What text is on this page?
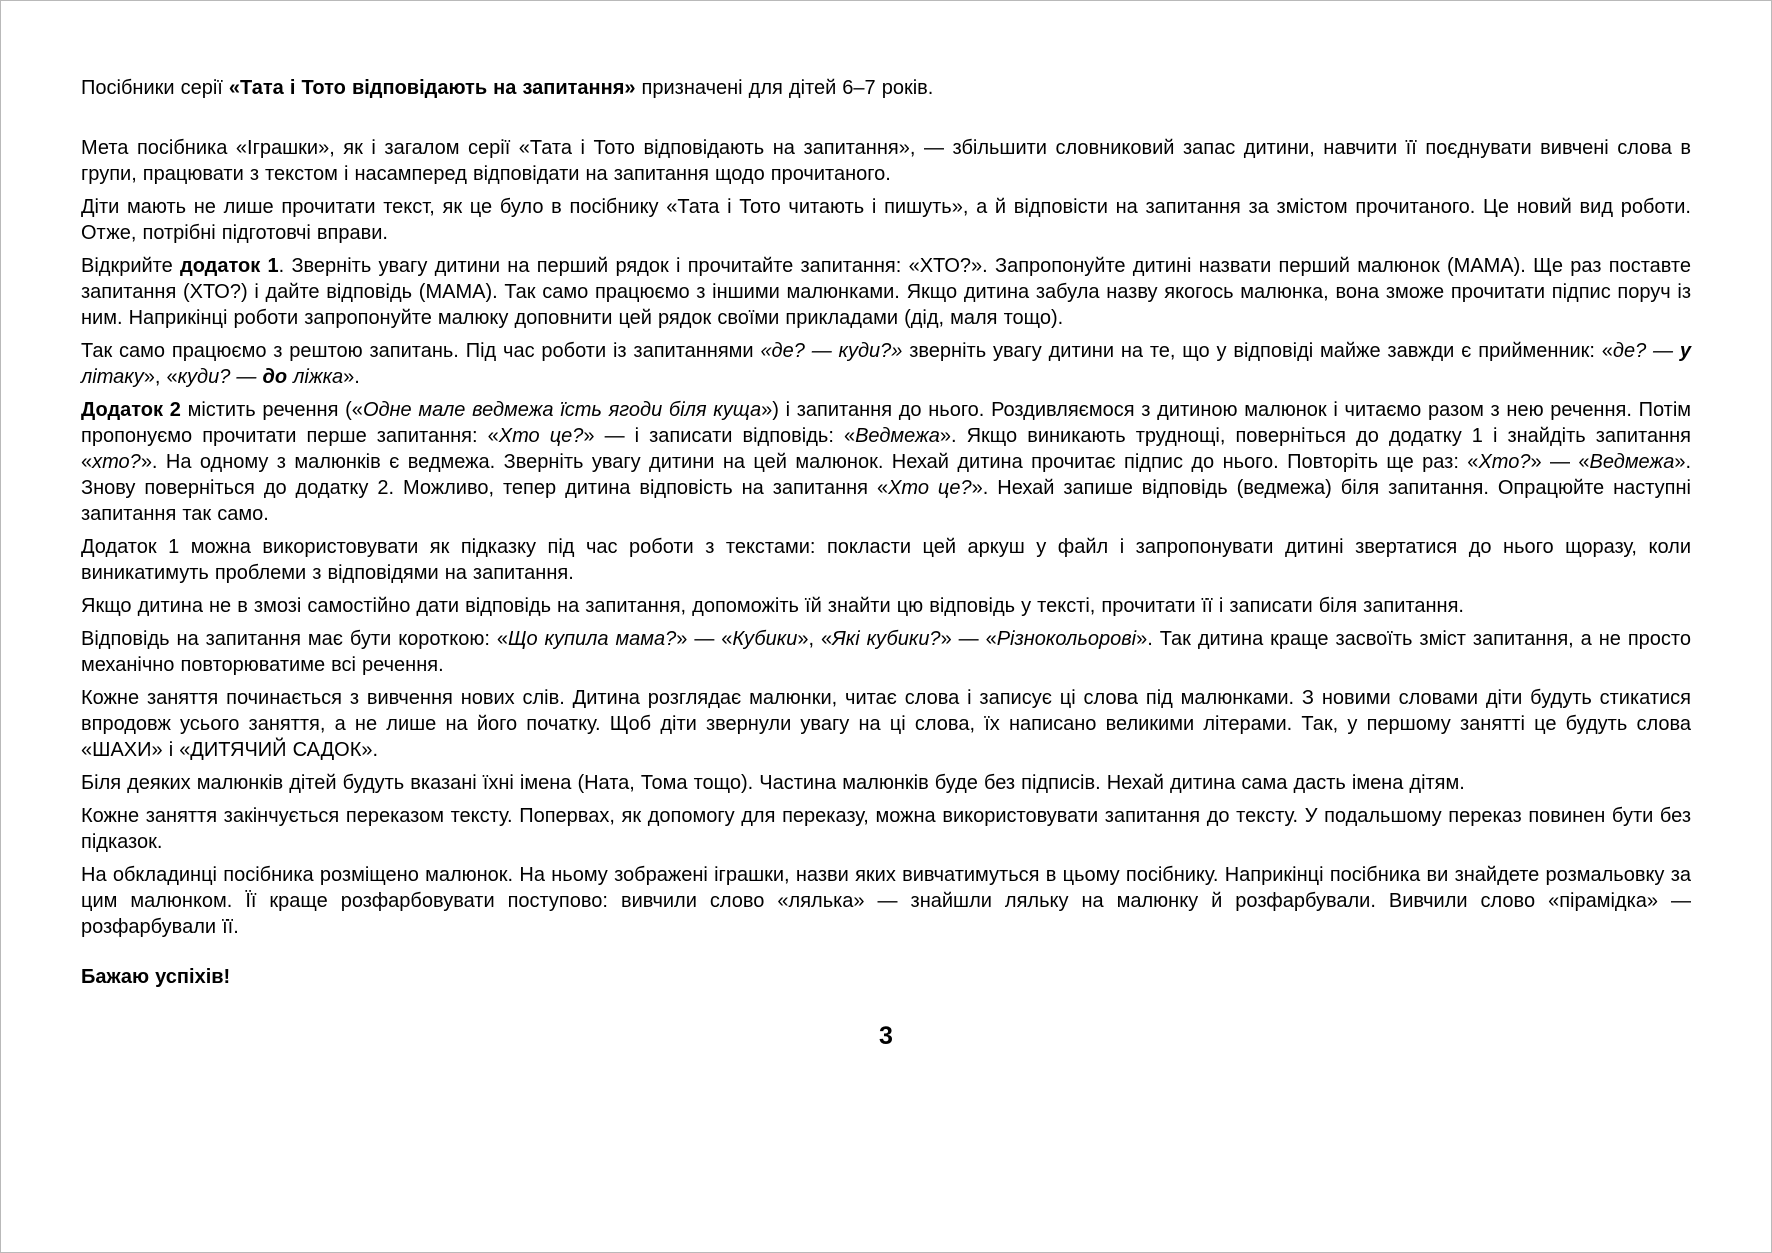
Посібники серії «Тата і Тото відповідають на запитання» призначені для дітей 6–7 років.

Мета посібника «Іграшки», як і загалом серії «Тата і Тото відповідають на запитання», — збільшити словниковий запас дитини, навчити її поєднувати вивчені слова в групи, працювати з текстом і насамперед відповідати на запитання щодо прочитаного.

Діти мають не лише прочитати текст, як це було в посібнику «Тата і Тото читають і пишуть», а й відповісти на запитання за змістом прочитаного. Це новий вид роботи. Отже, потрібні підготовчі вправи.

Відкрийте додаток 1. Зверніть увагу дитини на перший рядок і прочитайте запитання: «ХТО?». Запропонуйте дитині назвати перший малюнок (МАМА). Ще раз поставте запитання (ХТО?) і дайте відповідь (МАМА). Так само працюємо з іншими малюнками. Якщо дитина забула назву якогось малюнка, вона зможе прочитати підпис поруч із ним. Наприкінці роботи запропонуйте малюку доповнити цей рядок своїми прикладами (дід, маля тощо).

Так само працюємо з рештою запитань. Під час роботи із запитаннями «де? — куди?» зверніть увагу дитини на те, що у відповіді майже завжди є прийменник: «де? — у літаку», «куди? — до ліжка».

Додаток 2 містить речення («Одне мале ведмежа їсть ягоди біля куща») і запитання до нього. Роздивляємося з дитиною малюнок і читаємо разом з нею речення. Потім пропонуємо прочитати перше запитання: «Хто це?» — і записати відповідь: «Ведмежа». Якщо виникають труднощі, поверніться до додатку 1 і знайдіть запитання «хто?». На одному з малюнків є ведмежа. Зверніть увагу дитини на цей малюнок. Нехай дитина прочитає підпис до нього. Повторіть ще раз: «Хто?» — «Ведмежа». Знову поверніться до додатку 2. Можливо, тепер дитина відповість на запитання «Хто це?». Нехай запише відповідь (ведмежа) біля запитання. Опрацюйте наступні запитання так само.

Додаток 1 можна використовувати як підказку під час роботи з текстами: покласти цей аркуш у файл і запропонувати дитині звертатися до нього щоразу, коли виникатимуть проблеми з відповідями на запитання.

Якщо дитина не в змозі самостійно дати відповідь на запитання, допоможіть їй знайти цю відповідь у тексті, прочитати її і записати біля запитання.

Відповідь на запитання має бути короткою: «Що купила мама?» — «Кубики», «Які кубики?» — «Різнокольорові». Так дитина краще засвоїть зміст запитання, а не просто механічно повторюватиме всі речення.

Кожне заняття починається з вивчення нових слів. Дитина розглядає малюнки, читає слова і записує ці слова під малюнками. З новими словами діти будуть стикатися впродовж усього заняття, а не лише на його початку. Щоб діти звернули увагу на ці слова, їх написано великими літерами. Так, у першому занятті це будуть слова «ШАХИ» і «ДИТЯЧИЙ САДОК».

Біля деяких малюнків дітей будуть вказані їхні імена (Ната, Тома тощо). Частина малюнків буде без підписів. Нехай дитина сама дасть імена дітям.

Кожне заняття закінчується переказом тексту. Попервах, як допомогу для переказу, можна використовувати запитання до тексту. У подальшому переказ повинен бути без підказок.

На обкладинці посібника розміщено малюнок. На ньому зображені іграшки, назви яких вивчатимуться в цьому посібнику. Наприкінці посібника ви знайдете розмальовку за цим малюнком. Її краще розфарбовувати поступово: вивчили слово «лялька» — знайшли ляльку на малюнку й розфарбували. Вивчили слово «пірамідка» — розфарбували її.

Бажаю успіхів!

3
